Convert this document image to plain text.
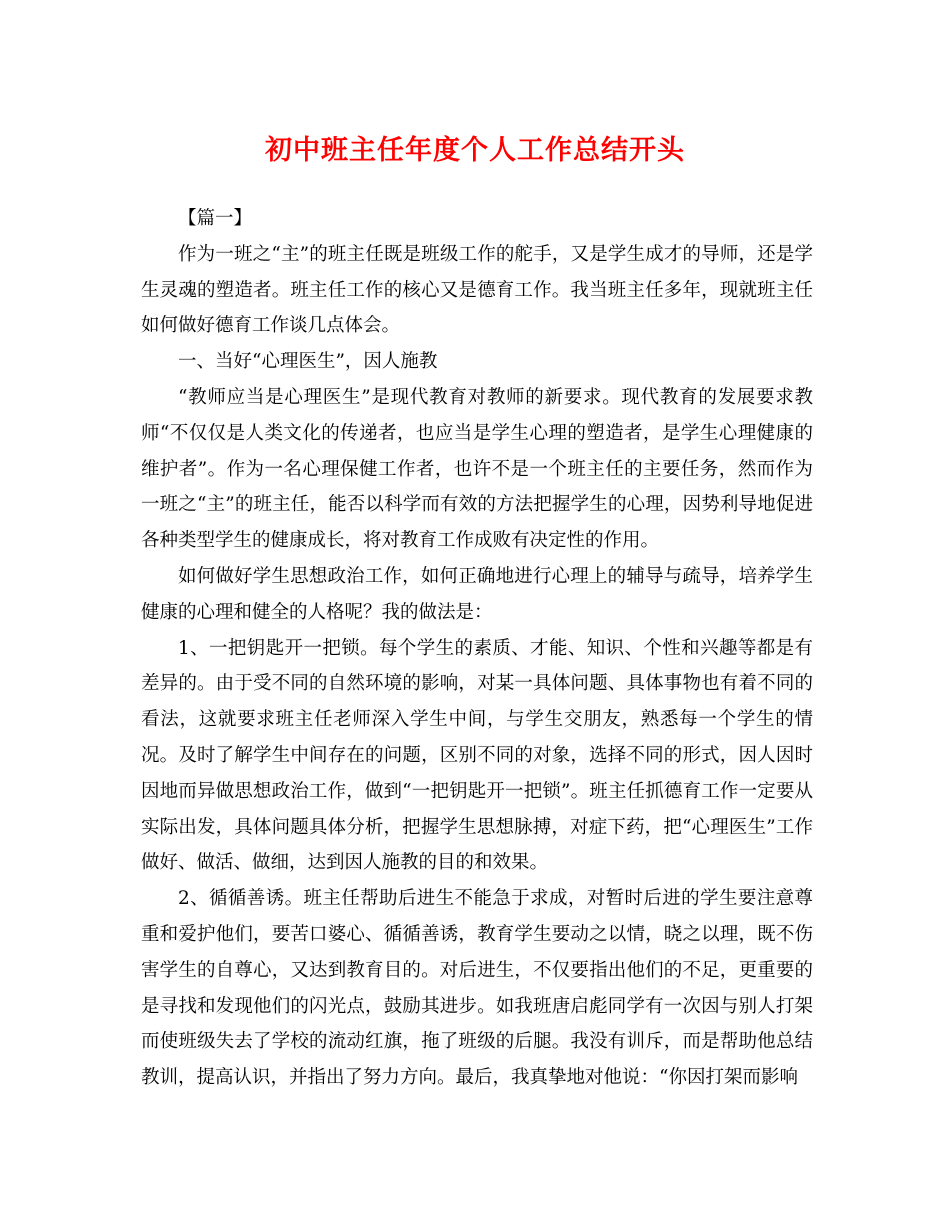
初中班主任年度个人工作总结开头

【篇一】

作为一班之“主”的班主任既是班级工作的舵手，又是学生成才的导师，还是学生灵魂的塑造者。班主任工作的核心又是德育工作。我当班主任多年，现就班主任如何做好德育工作谈几点体会。

一、当好“心理医生”，因人施教

“教师应当是心理医生”是现代教育对教师的新要求。现代教育的发展要求教师“不仅仅是人类文化的传递者，也应当是学生心理的塑造者，是学生心理健康的维护者”。作为一名心理保健工作者，也许不是一个班主任的主要任务，然而作为一班之“主”的班主任，能否以科学而有效的方法把握学生的心理，因势利导地促进各种类型学生的健康成长，将对教育工作成败有决定性的作用。

如何做好学生思想政治工作，如何正确地进行心理上的辅导与疏导，培养学生健康的心理和健全的人格呢？我的做法是：

1、一把钥匙开一把锁。每个学生的素质、才能、知识、个性和兴趣等都是有差异的。由于受不同的自然环境的影响，对某一具体问题、具体事物也有着不同的看法，这就要求班主任老师深入学生中间，与学生交朋友，熟悉每一个学生的情况。及时了解学生中间存在的问题，区别不同的对象，选择不同的形式，因人因时因地而异做思想政治工作，做到“一把钥匙开一把锁”。班主任抓德育工作一定要从实际出发，具体问题具体分析，把握学生思想脉搏，对症下药，把“心理医生”工作做好、做活、做细，达到因人施教的目的和效果。

2、循循善诱。班主任帮助后进生不能急于求成，对暂时后进的学生要注意尊重和爱护他们，要苦口婆心、循循善诱，教育学生要动之以情，晓之以理，既不伤害学生的自尊心，又达到教育目的。对后进生，不仅要指出他们的不足，更重要的是寻找和发现他们的闪光点，鼓励其进步。如我班唐启彪同学有一次因与别人打架而使班级失去了学校的流动红旗，拖了班级的后腿。我没有训斥，而是帮助他总结教训，提高认识，并指出了努力方向。最后，我真挚地对他说：“你因打架而影响
